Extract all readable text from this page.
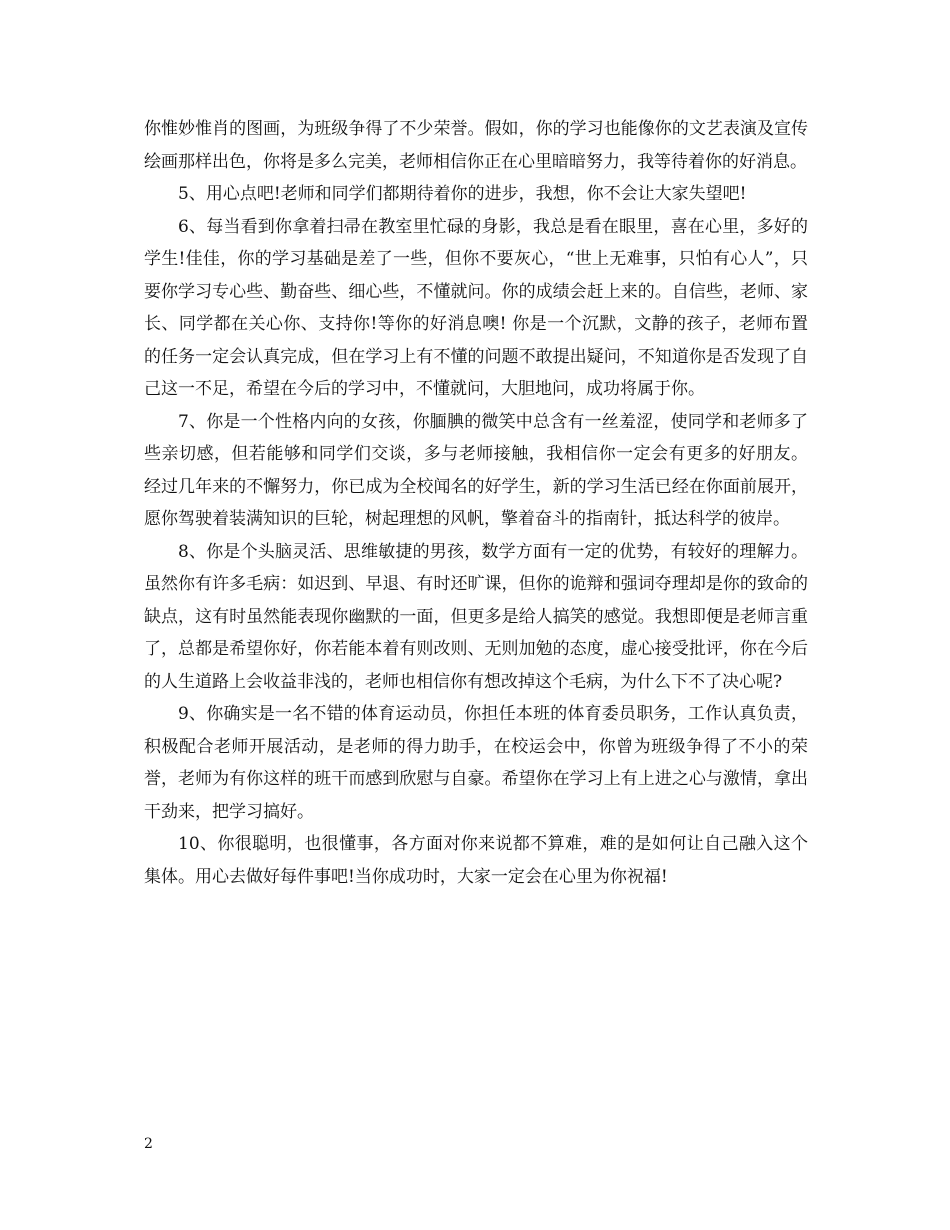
你惟妙惟肖的图画，为班级争得了不少荣誉。假如，你的学习也能像你的文艺表演及宣传绘画那样出色，你将是多么完美，老师相信你正在心里暗暗努力，我等待着你的好消息。

5、用心点吧!老师和同学们都期待着你的进步，我想，你不会让大家失望吧!

6、每当看到你拿着扫帚在教室里忙碌的身影，我总是看在眼里，喜在心里，多好的学生!佳佳，你的学习基础是差了一些，但你不要灰心，“世上无难事，只怕有心人”，只要你学习专心些、勤奋些、细心些，不懂就问。你的成绩会赶上来的。自信些，老师、家长、同学都在关心你、支持你!等你的好消息噢! 你是一个沉默，文静的孩子，老师布置的任务一定会认真完成，但在学习上有不懂的问题不敢提出疑问，不知道你是否发现了自己这一不足，希望在今后的学习中，不懂就问，大胆地问，成功将属于你。

7、你是一个性格内向的女孩，你腼腆的微笑中总含有一丝羞涩，使同学和老师多了些亲切感，但若能够和同学们交谈，多与老师接触，我相信你一定会有更多的好朋友。 经过几年来的不懈努力，你已成为全校闻名的好学生，新的学习生活已经在你面前展开，愿你驾驶着装满知识的巨轮，树起理想的风帆，擎着奋斗的指南针，抵达科学的彼岸。

8、你是个头脑灵活、思维敏捷的男孩，数学方面有一定的优势，有较好的理解力。虽然你有许多毛病：如迟到、早退、有时还旷课，但你的诡辩和强词夺理却是你的致命的缺点，这有时虽然能表现你幽默的一面，但更多是给人搞笑的感觉。我想即便是老师言重了，总都是希望你好，你若能本着有则改则、无则加勉的态度，虚心接受批评，你在今后的人生道路上会收益非浅的，老师也相信你有想改掉这个毛病，为什么下不了决心呢?

9、你确实是一名不错的体育运动员，你担任本班的体育委员职务，工作认真负责，积极配合老师开展活动，是老师的得力助手，在校运会中，你曾为班级争得了不小的荣誉，老师为有你这样的班干而感到欣慰与自豪。希望你在学习上有上进之心与激情，拿出干劲来，把学习搞好。

10、你很聪明，也很懂事，各方面对你来说都不算难，难的是如何让自己融入这个集体。用心去做好每件事吧!当你成功时，大家一定会在心里为你祝福!

2
